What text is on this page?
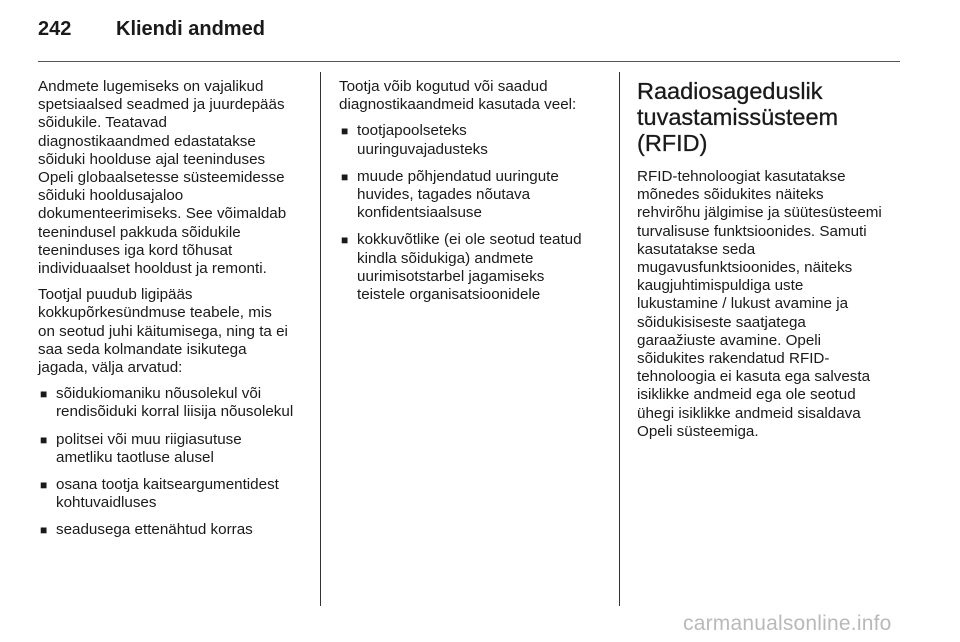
242 Kliendi andmed

Andmete lugemiseks on vajalikud
spetsiaalsed seadmed ja juurdepääs
sõidukile. Teatavad
diagnostikaandmed edastatakse
sõiduki hoolduse ajal teeninduses
Opeli globaalsetesse süsteemidesse
sõiduki hooldusajaloo
dokumenteerimiseks. See võimaldab
teenindusel pakkuda sõidukile
teeninduses iga kord tõhusat
individuaalset hooldust ja remonti.

Tootjal puudub ligipääs
kokkupõrkesündmuse teabele, mis
on seotud juhi käitumisega, ning ta ei
saa seda kolmandate isikutega
jagada, välja arvatud:

■ sõidukiomaniku nõusolekul või
rendisõiduki korral liisija nõusolekul
■ politsei või muu riigiasutuse
ametliku taotluse alusel
■ osana tootja kaitseargumentidest
kohtuvaidluses
■ seadusega ettenähtud korras

Tootja võib kogutud või saadud
diagnostikaandmeid kasutada veel:

■ tootjapoolseteks
uuringuvajadusteks
■ muude põhjendatud uuringute
huvides, tagades nõutava
konfidentsiaalsuse
■ kokkuvõtlike (ei ole seotud teatud
kindla sõidukiga) andmete
uurimisotstarbel jagamiseks
teistele organisatsioonidele
Raadiosageduslik
tuvastamissüsteem (RFID)

RFID-tehnoloogiat kasutatakse
mõnedes sõidukites näiteks
rehvirõhu jälgimise ja süütesüsteemi
turvalisuse funktsioonides. Samuti
kasutatakse seda
mugavusfunktsioonides, näiteks
kaugjuhtimispuldiga uste
lukustamine / lukust avamine ja
sõidukisiseste saatjatega
garaažiuste avamine. Opeli
sõidukites rakendatud RFID-
tehnoloogia ei kasuta ega salvesta
isiklikke andmeid ega ole seotud
ühegi isiklikke andmeid sisaldava
Opeli süsteemiga.

carmanualsonline.info
